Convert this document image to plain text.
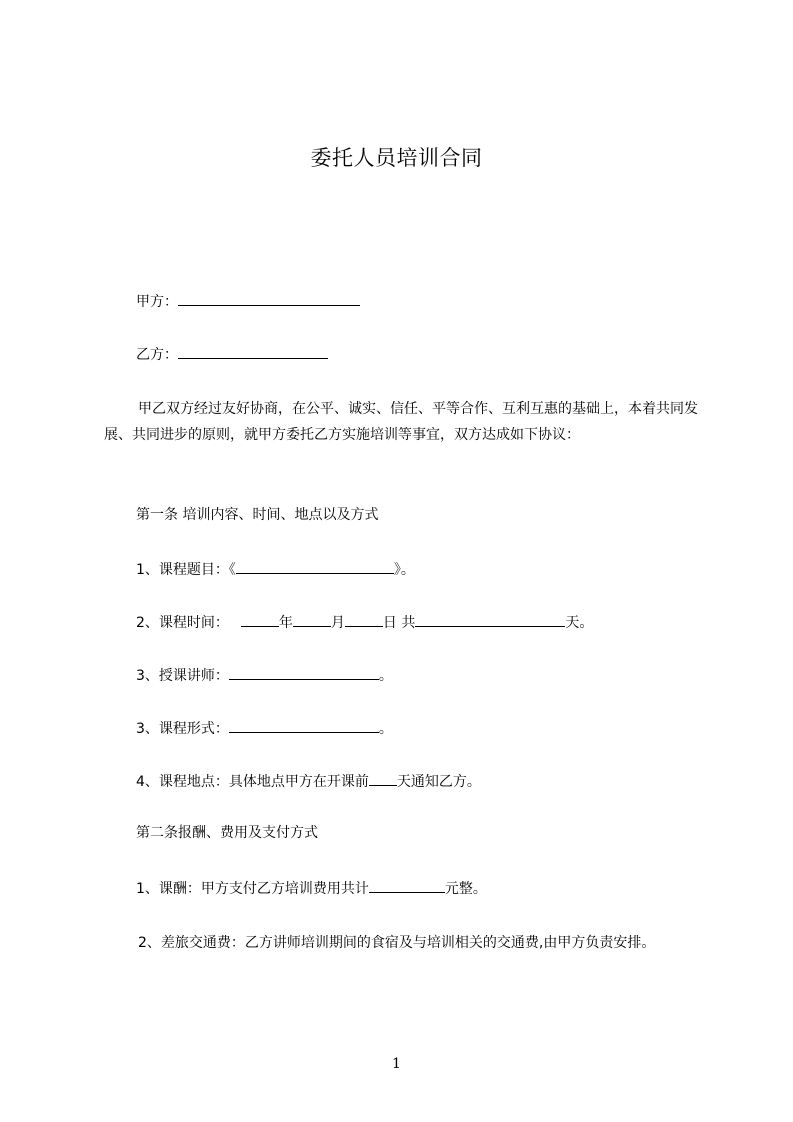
委托人员培训合同
甲方：
乙方：
甲乙双方经过友好协商，在公平、诚实、信任、平等合作、互利互惠的基础上，本着共同发展、共同进步的原则，就甲方委托乙方实施培训等事宜，双方达成如下协议：
第一条 培训内容、时间、地点以及方式
1、课程题目：《	》。
2、课程时间：	年	月	日 共	天。
3、授课讲师：	。
3、课程形式：	。
4、课程地点：具体地点甲方在开课前 天通知乙方。
第二条报酬、费用及支付方式
1、课酬：甲方支付乙方培训费用共计	元整。
2、差旅交通费：乙方讲师培训期间的食宿及与培训相关的交通费,由甲方负责安排。
1
